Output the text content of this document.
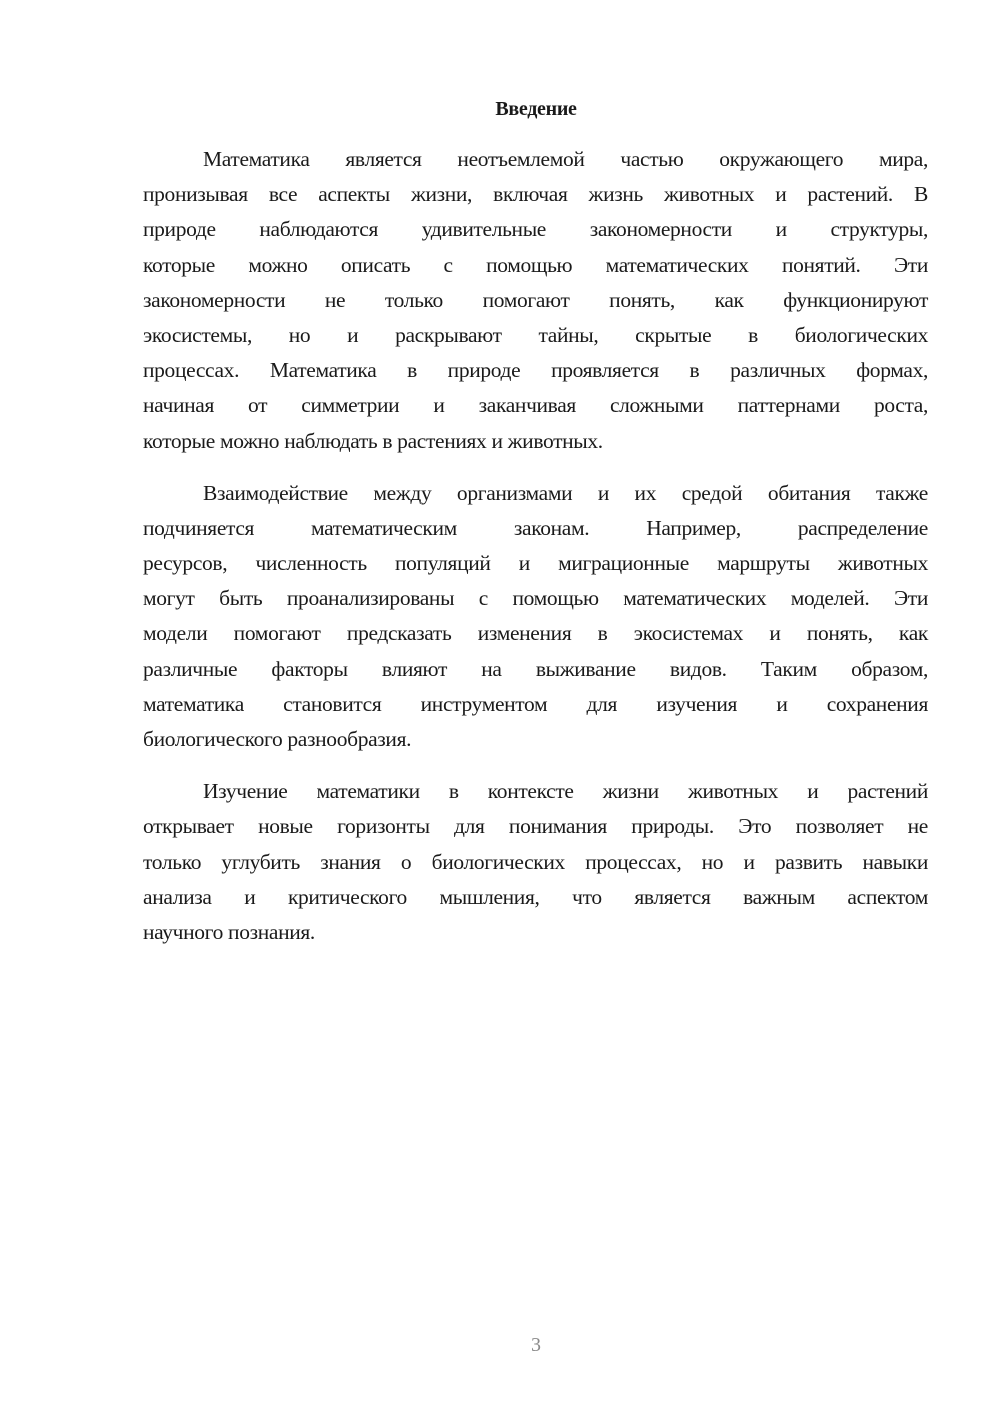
Введение

Математика является неотъемлемой частью окружающего мира,
пронизывая все аспекты жизни, включая жизнь животных и растений. В
природе наблюдаются удивительные закономерности и структуры,
которые можно описать с помощью математических понятий. Эти
закономерности не только помогают понять, как функционируют
экосистемы, но и раскрывают тайны, скрытые в биологических
процессах. Математика в природе проявляется в различных формах,
начиная от симметрии и заканчивая сложными паттернами роста,
которые можно наблюдать в растениях и животных.

Взаимодействие между организмами и их средой обитания также
подчиняется математическим законам. Например, распределение
ресурсов, численность популяций и миграционные маршруты животных
могут быть проанализированы с помощью математических моделей. Эти
модели помогают предсказать изменения в экосистемах и понять, как
различные факторы влияют на выживание видов. Таким образом,
математика становится инструментом для изучения и сохранения
биологического разнообразия.

Изучение математики в контексте жизни животных и растений
открывает новые горизонты для понимания природы. Это позволяет не
только углубить знания о биологических процессах, но и развить навыки
анализа и критического мышления, что является важным аспектом
научного познания.

3
